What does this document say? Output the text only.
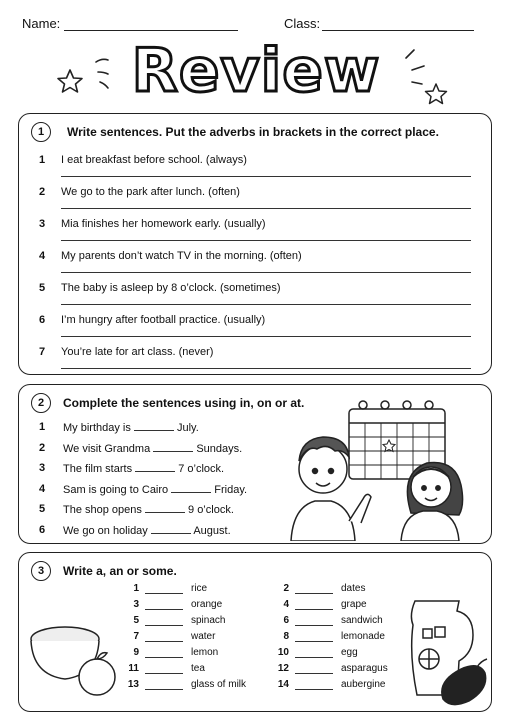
Name:	Class:
Review
1	Write sentences. Put the adverbs in brackets in the correct place.
1 I eat breakfast before school. (always)
2 We go to the park after lunch. (often)
3 Mia finishes her homework early. (usually)
4 My parents don’t watch TV in the morning. (often)
5 The baby is asleep by 8 o’clock. (sometimes)
6 I’m hungry after football practice. (usually)
7 You’re late for art class. (never)
2	Complete the sentences using in, on or at.
1 My birthday is	July.
2 We visit Grandma	Sundays.
3 The film starts	7 o’clock.
4 Sam is going to Cairo	Friday.
5 The shop opens	9 o’clock.
6 We go on holiday	August.
3	Write a, an or some.
1	rice
3	orange
5	spinach
7	water
9	lemon
11	tea
13	glass of milk
2	dates
4	grape
6	sandwich
8	lemonade
10	egg
12	asparagus
14	aubergine
